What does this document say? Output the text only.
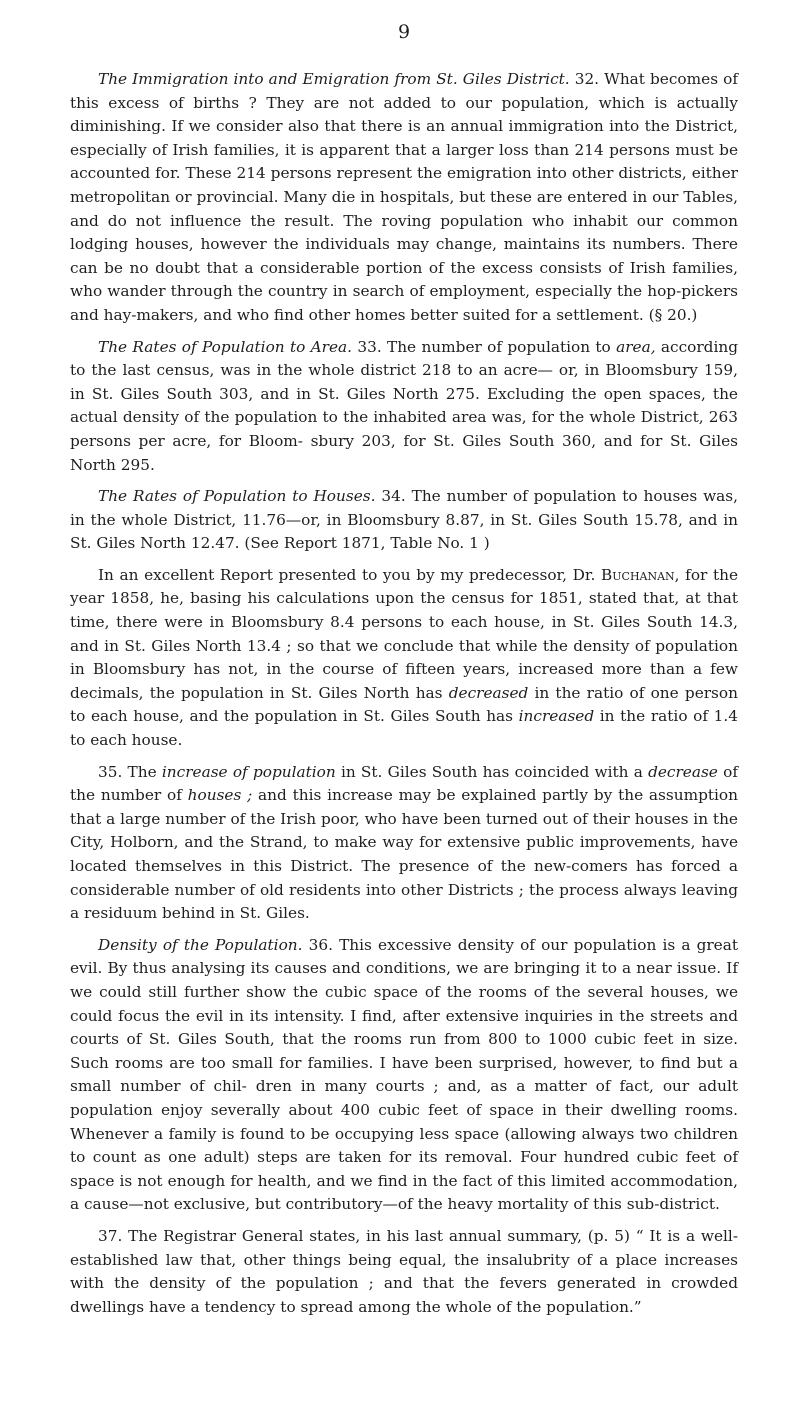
9

The Immigration into and Emigration from St. Giles District. 32. What becomes of this excess of births ? They are not added to our population, which is actually diminishing. If we consider also that there is an annual immigration into the District, especially of Irish families, it is apparent that a larger loss than 214 persons must be accounted for. These 214 persons represent the emigration into other districts, either metropolitan or provincial. Many die in hospitals, but these are entered in our Tables, and do not influence the result. The roving population who inhabit our common lodging houses, however the individuals may change, maintains its numbers. There can be no doubt that a considerable portion of the excess consists of Irish families, who wander through the country in search of employment, especially the hop-pickers and hay-makers, and who find other homes better suited for a settlement. (§ 20.)

The Rates of Population to Area. 33. The number of population to area, according to the last census, was in the whole district 218 to an acre— or, in Bloomsbury 159, in St. Giles South 303, and in St. Giles North 275. Excluding the open spaces, the actual density of the population to the inhabited area was, for the whole District, 263 persons per acre, for Bloom- sbury 203, for St. Giles South 360, and for St. Giles North 295.

The Rates of Population to Houses. 34. The number of population to houses was, in the whole District, 11.76—or, in Bloomsbury 8.87, in St. Giles South 15.78, and in St. Giles North 12.47. (See Report 1871, Table No. 1 )

In an excellent Report presented to you by my predecessor, Dr. Buchanan, for the year 1858, he, basing his calculations upon the census for 1851, stated that, at that time, there were in Bloomsbury 8.4 persons to each house, in St. Giles South 14.3, and in St. Giles North 13.4 ; so that we conclude that while the density of population in Bloomsbury has not, in the course of fifteen years, increased more than a few decimals, the population in St. Giles North has decreased in the ratio of one person to each house, and the population in St. Giles South has increased in the ratio of 1.4 to each house.

35. The increase of population in St. Giles South has coincided with a decrease of the number of houses ; and this increase may be explained partly by the assumption that a large number of the Irish poor, who have been turned out of their houses in the City, Holborn, and the Strand, to make way for extensive public improvements, have located themselves in this District. The presence of the new-comers has forced a considerable number of old residents into other Districts ; the process always leaving a residuum behind in St. Giles.

Density of the Population. 36. This excessive density of our population is a great evil. By thus analysing its causes and conditions, we are bringing it to a near issue. If we could still further show the cubic space of the rooms of the several houses, we could focus the evil in its intensity. I find, after extensive inquiries in the streets and courts of St. Giles South, that the rooms run from 800 to 1000 cubic feet in size. Such rooms are too small for families. I have been surprised, however, to find but a small number of chil- dren in many courts ; and, as a matter of fact, our adult population enjoy severally about 400 cubic feet of space in their dwelling rooms. Whenever a family is found to be occupying less space (allowing always two children to count as one adult) steps are taken for its removal. Four hundred cubic feet of space is not enough for health, and we find in the fact of this limited accommodation, a cause—not exclusive, but contributory—of the heavy mortality of this sub-district.

37. The Registrar General states, in his last annual summary, (p. 5) “ It is a well-established law that, other things being equal, the insalubrity of a place increases with the density of the population ; and that the fevers generated in crowded dwellings have a tendency to spread among the whole of the population.”
